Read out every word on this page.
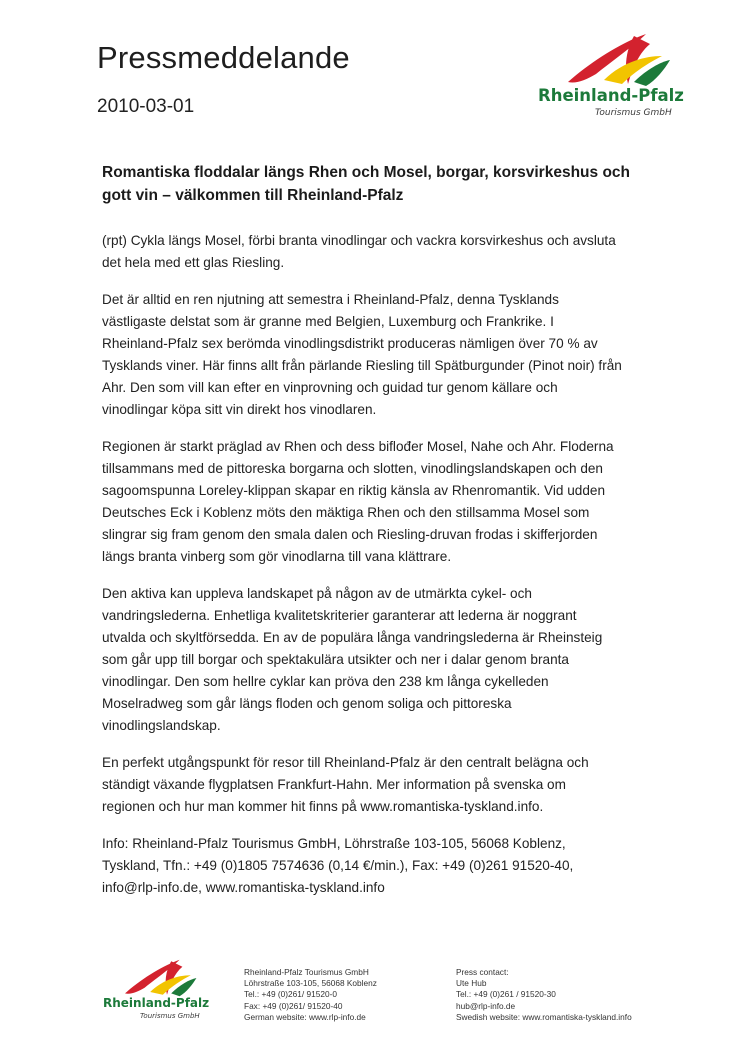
Pressmeddelande
2010-03-01
Rheinland-Pfalz
Tourismus GmbH
Romantiska floddalar längs Rhen och Mosel, borgar, korsvirkeshus och gott vin – välkommen till Rheinland-Pfalz

(rpt) Cykla längs Mosel, förbi branta vinodlingar och vackra korsvirkeshus och avsluta det hela med ett glas Riesling.

Det är alltid en ren njutning att semestra i Rheinland-Pfalz, denna Tysklands västligaste delstat som är granne med Belgien, Luxemburg och Frankrike. I Rheinland-Pfalz sex berömda vinodlingsdistrikt produceras nämligen över 70 % av Tysklands viner. Här finns allt från pärlande Riesling till Spätburgunder (Pinot noir) från Ahr. Den som vill kan efter en vinprovning och guidad tur genom källare och vinodlingar köpa sitt vin direkt hos vinodlaren.

Regionen är starkt präglad av Rhen och dess biflođer Mosel, Nahe och Ahr. Floderna tillsammans med de pittoreska borgarna och slotten, vinodlingslandskapen och den sagoomspunna Loreley-klippan skapar en riktig känsla av Rhenromantik. Vid udden Deutsches Eck i Koblenz möts den mäktiga Rhen och den stillsamma Mosel som slingrar sig fram genom den smala dalen och Riesling-druvan frodas i skifferjorden längs branta vinberg som gör vinodlarna till vana klättrare.

Den aktiva kan uppleva landskapet på någon av de utmärkta cykel- och vandringslederna. Enhetliga kvalitetskriterier garanterar att lederna är noggrant utvalda och skyltförsedda. En av de populära långa vandringslederna är Rheinsteig som går upp till borgar och spektakulära utsikter och ner i dalar genom branta vinodlingar. Den som hellre cyklar kan pröva den 238 km långa cykelleden Moselradweg som går längs floden och genom soliga och pittoreska vinodlingslandskap.

En perfekt utgångspunkt för resor till Rheinland-Pfalz är den centralt belägna och ständigt växande flygplatsen Frankfurt-Hahn. Mer information på svenska om regionen och hur man kommer hit finns på www.romantiska-tyskland.info.

Info: Rheinland-Pfalz Tourismus GmbH, Löhrstraße 103-105, 56068 Koblenz, Tyskland, Tfn.: +49 (0)1805 7574636 (0,14 €/min.), Fax: +49 (0)261 91520-40, info@rlp-info.de, www.romantiska-tyskland.info

Rheinland-Pfalz
Tourismus GmbH
Rheinland-Pfalz Tourismus GmbH
Löhrstraße 103-105, 56068 Koblenz
Tel.: +49 (0)261/ 91520-0
Fax: +49 (0)261/ 91520-40
German website: www.rlp-info.de
Press contact:
Ute Hub
Tel.: +49 (0)261 / 91520-30
hub@rlp-info.de
Swedish website: www.romantiska-tyskland.info
